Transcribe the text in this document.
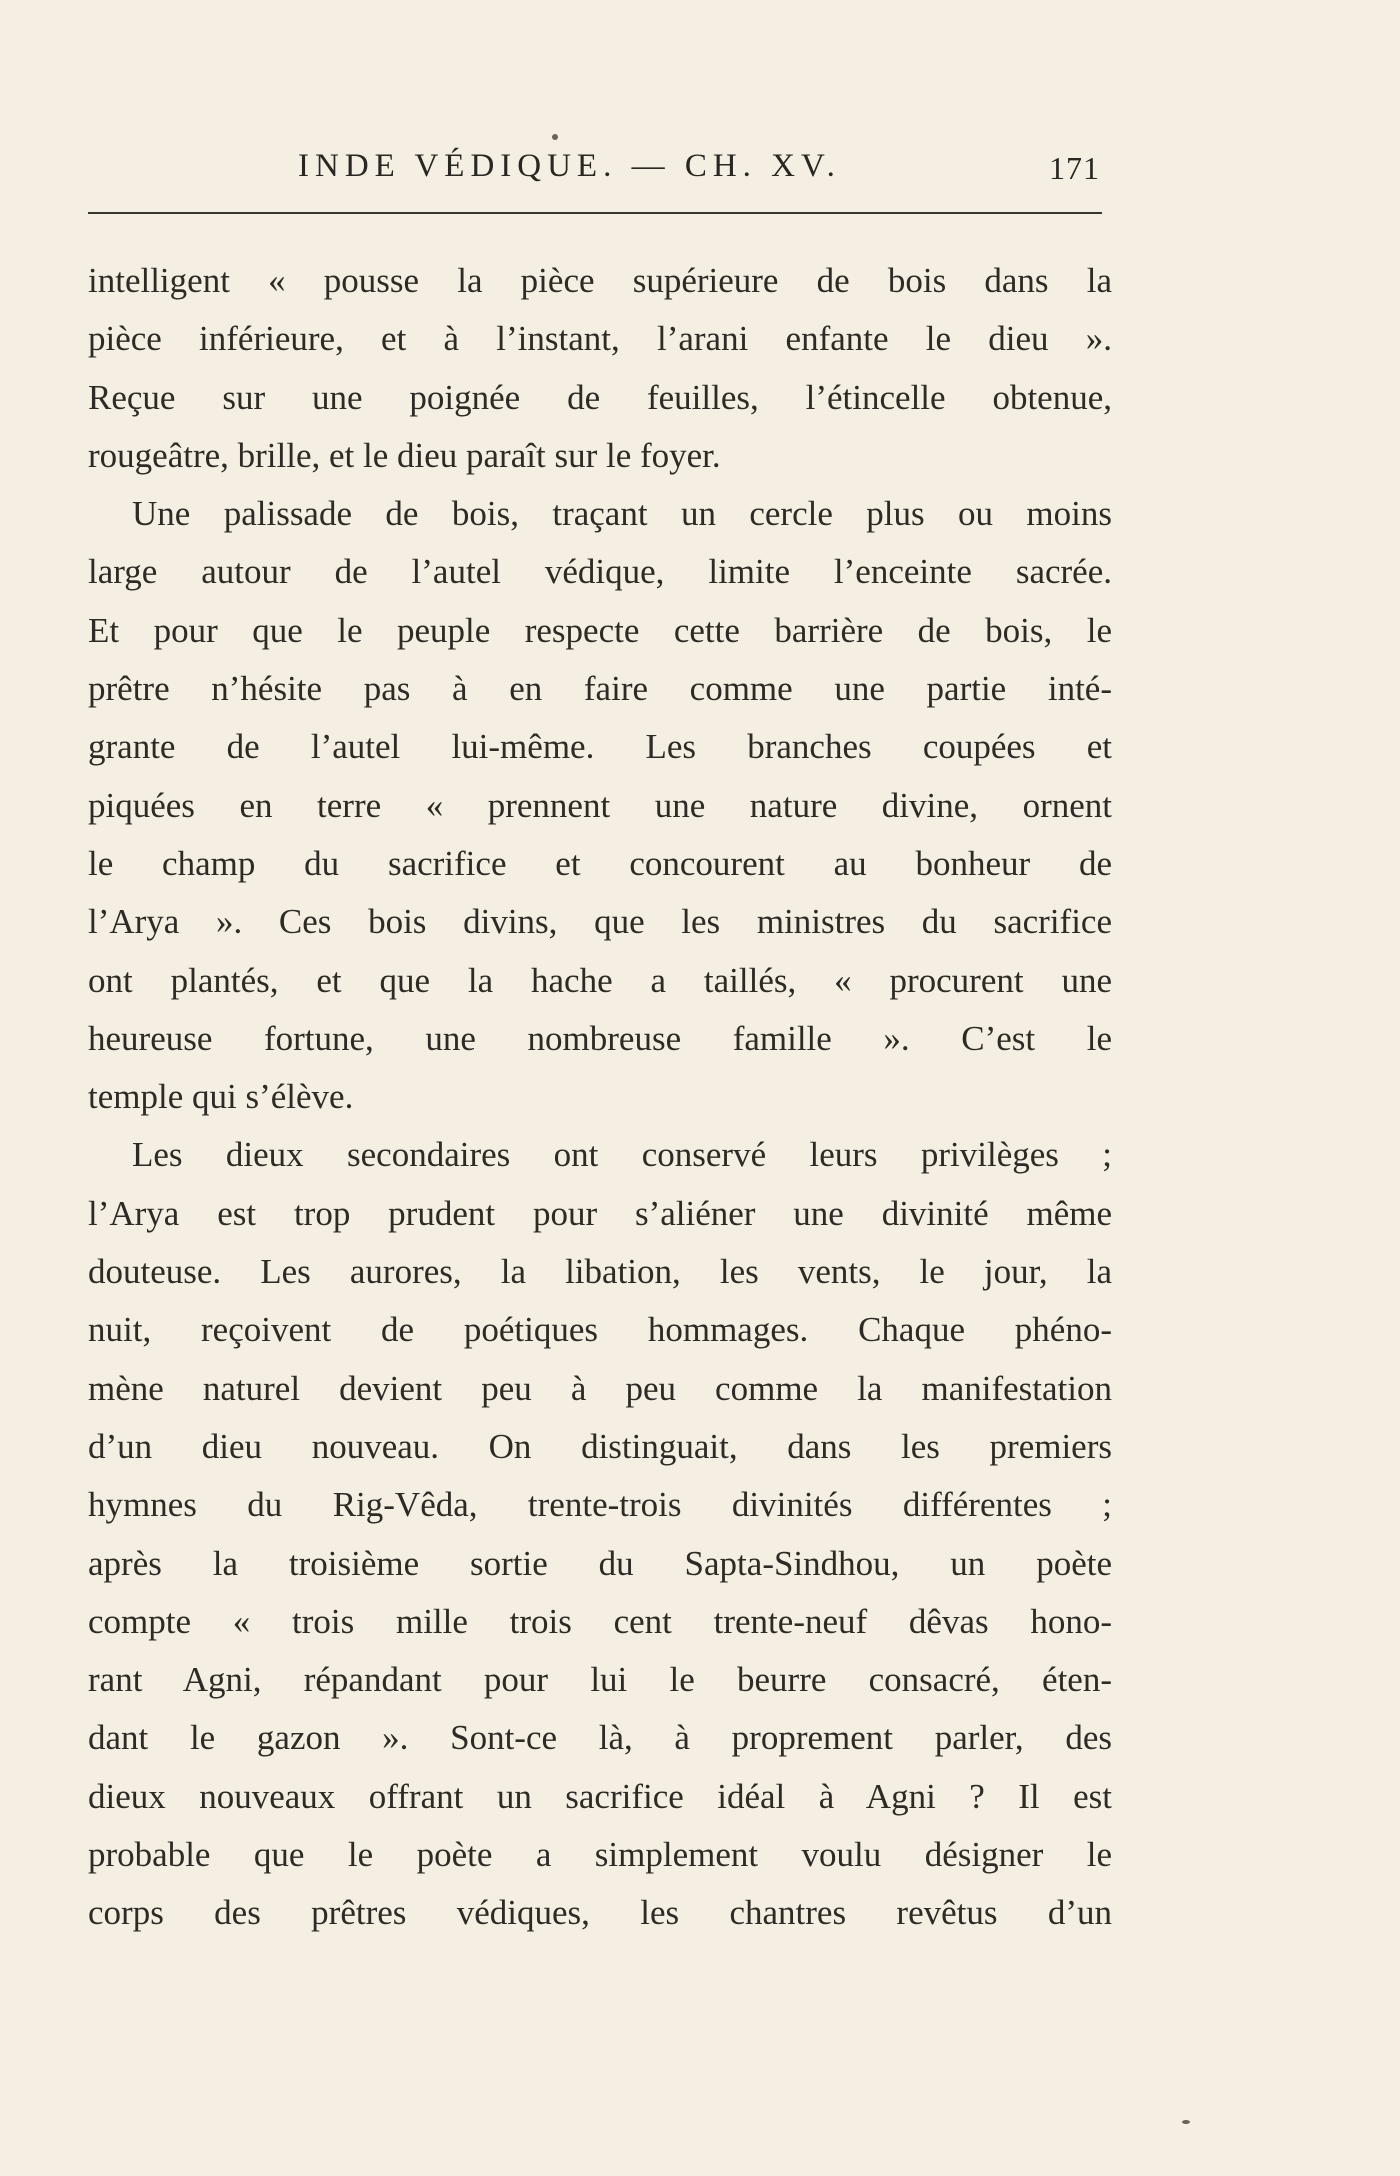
INDE VÉDIQUE. — CH. XV.	171
intelligent « pousse la pièce supérieure de bois dans la
pièce inférieure, et à l’instant, l’arani enfante le dieu ».
Reçue sur une poignée de feuilles, l’étincelle obtenue,
rougeâtre, brille, et le dieu paraît sur le foyer.
Une palissade de bois, traçant un cercle plus ou moins
large autour de l’autel védique, limite l’enceinte sacrée.
Et pour que le peuple respecte cette barrière de bois, le
prêtre n’hésite pas à en faire comme une partie inté-
grante de l’autel lui-même. Les branches coupées et
piquées en terre « prennent une nature divine, ornent
le champ du sacrifice et concourent au bonheur de
l’Arya ». Ces bois divins, que les ministres du sacrifice
ont plantés, et que la hache a taillés, « procurent une
heureuse fortune, une nombreuse famille ». C’est le
temple qui s’élève.
Les dieux secondaires ont conservé leurs privilèges ;
l’Arya est trop prudent pour s’aliéner une divinité même
douteuse. Les aurores, la libation, les vents, le jour, la
nuit, reçoivent de poétiques hommages. Chaque phéno-
mène naturel devient peu à peu comme la manifestation
d’un dieu nouveau. On distinguait, dans les premiers
hymnes du Rig-Vêda, trente-trois divinités différentes ;
après la troisième sortie du Sapta-Sindhou, un poète
compte « trois mille trois cent trente-neuf dêvas hono-
rant Agni, répandant pour lui le beurre consacré, éten-
dant le gazon ». Sont-ce là, à proprement parler, des
dieux nouveaux offrant un sacrifice idéal à Agni ? Il est
probable que le poète a simplement voulu désigner le
corps des prêtres védiques, les chantres revêtus d’un
